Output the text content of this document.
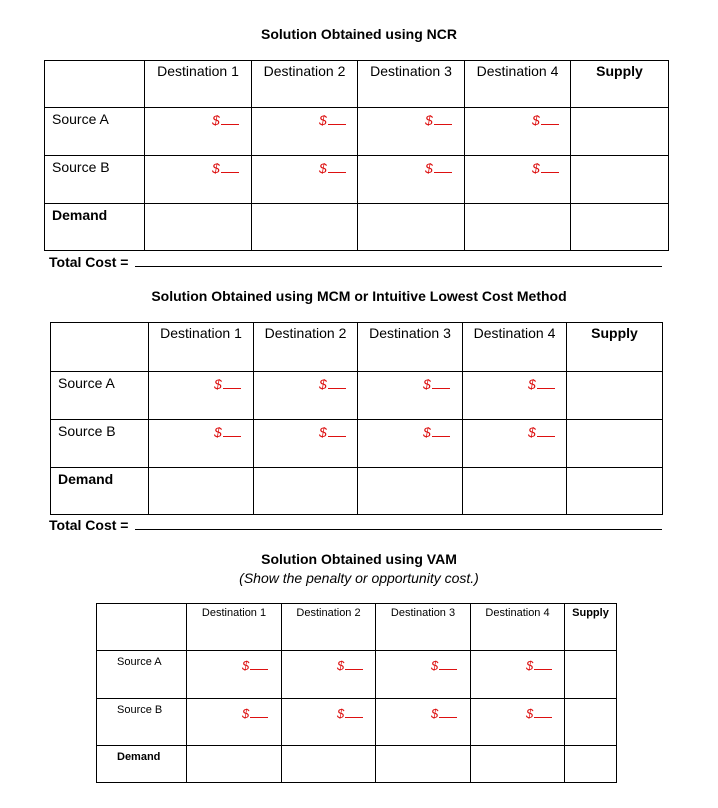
Solution Obtained using NCR
	Destination 1	Destination 2	Destination 3	Destination 4	Supply
Source A	$	$	$	$	

Source B	$	$	$	$	

Demand					
Total Cost =
Solution Obtained using MCM or Intuitive Lowest Cost Method
	Destination 1	Destination 2	Destination 3	Destination 4	Supply
Source A	$	$	$	$	

Source B	$	$	$	$	

Demand					
Total Cost =
Solution Obtained using VAM
(Show the penalty or opportunity cost.)
	Destination 1	Destination 2	Destination 3	Destination 4	Supply
Source A	$	$	$	$	

Source B	$	$	$	$	

Demand					
